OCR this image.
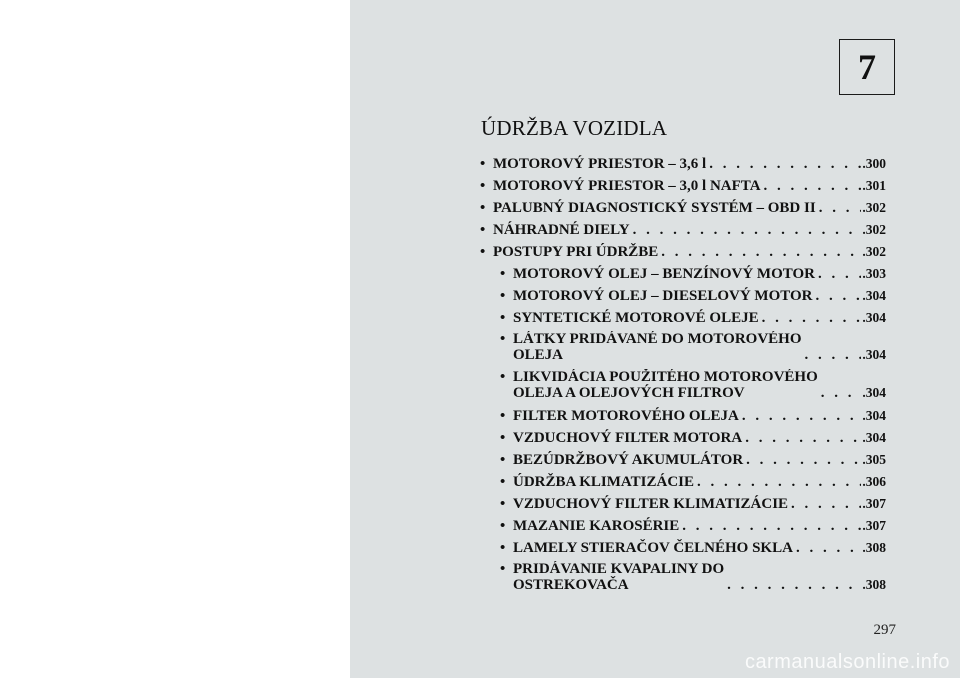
7
ÚDRŽBA VOZIDLA
• MOTOROVÝ PRIESTOR – 3,6 l . . .	.300
• MOTOROVÝ PRIESTOR – 3,0 l NAFTA . . .	.301
• PALUBNÝ DIAGNOSTICKÝ SYSTÉM – OBD II . . .	.302
• NÁHRADNÉ DIELY . . .	.302
• POSTUPY PRI ÚDRŽBE . . .	.302
• MOTOROVÝ OLEJ – BENZÍNOVÝ MOTOR . . .	.303
• MOTOROVÝ OLEJ – DIESELOVÝ MOTOR . . .	.304
• SYNTETICKÉ MOTOROVÉ OLEJE . . .	.304
• LÁTKY PRIDÁVANÉ DO MOTOROVÉHO
OLEJA . . .	.304
• LIKVIDÁCIA POUŽITÉHO MOTOROVÉHO
OLEJA A OLEJOVÝCH FILTROV . . .	.304
• FILTER MOTOROVÉHO OLEJA . . .	.304
• VZDUCHOVÝ FILTER MOTORA . . .	.304
• BEZÚDRŽBOVÝ AKUMULÁTOR . . .	.305
• ÚDRŽBA KLIMATIZÁCIE . . .	.306
• VZDUCHOVÝ FILTER KLIMATIZÁCIE . . .	.307
• MAZANIE KAROSÉRIE . . .	.307
• LAMELY STIERAČOV ČELNÉHO SKLA . . .	.308
• PRIDÁVANIE KVAPALINY DO
OSTREKOVAČA . . .	.308
297
carmanualsonline.info
